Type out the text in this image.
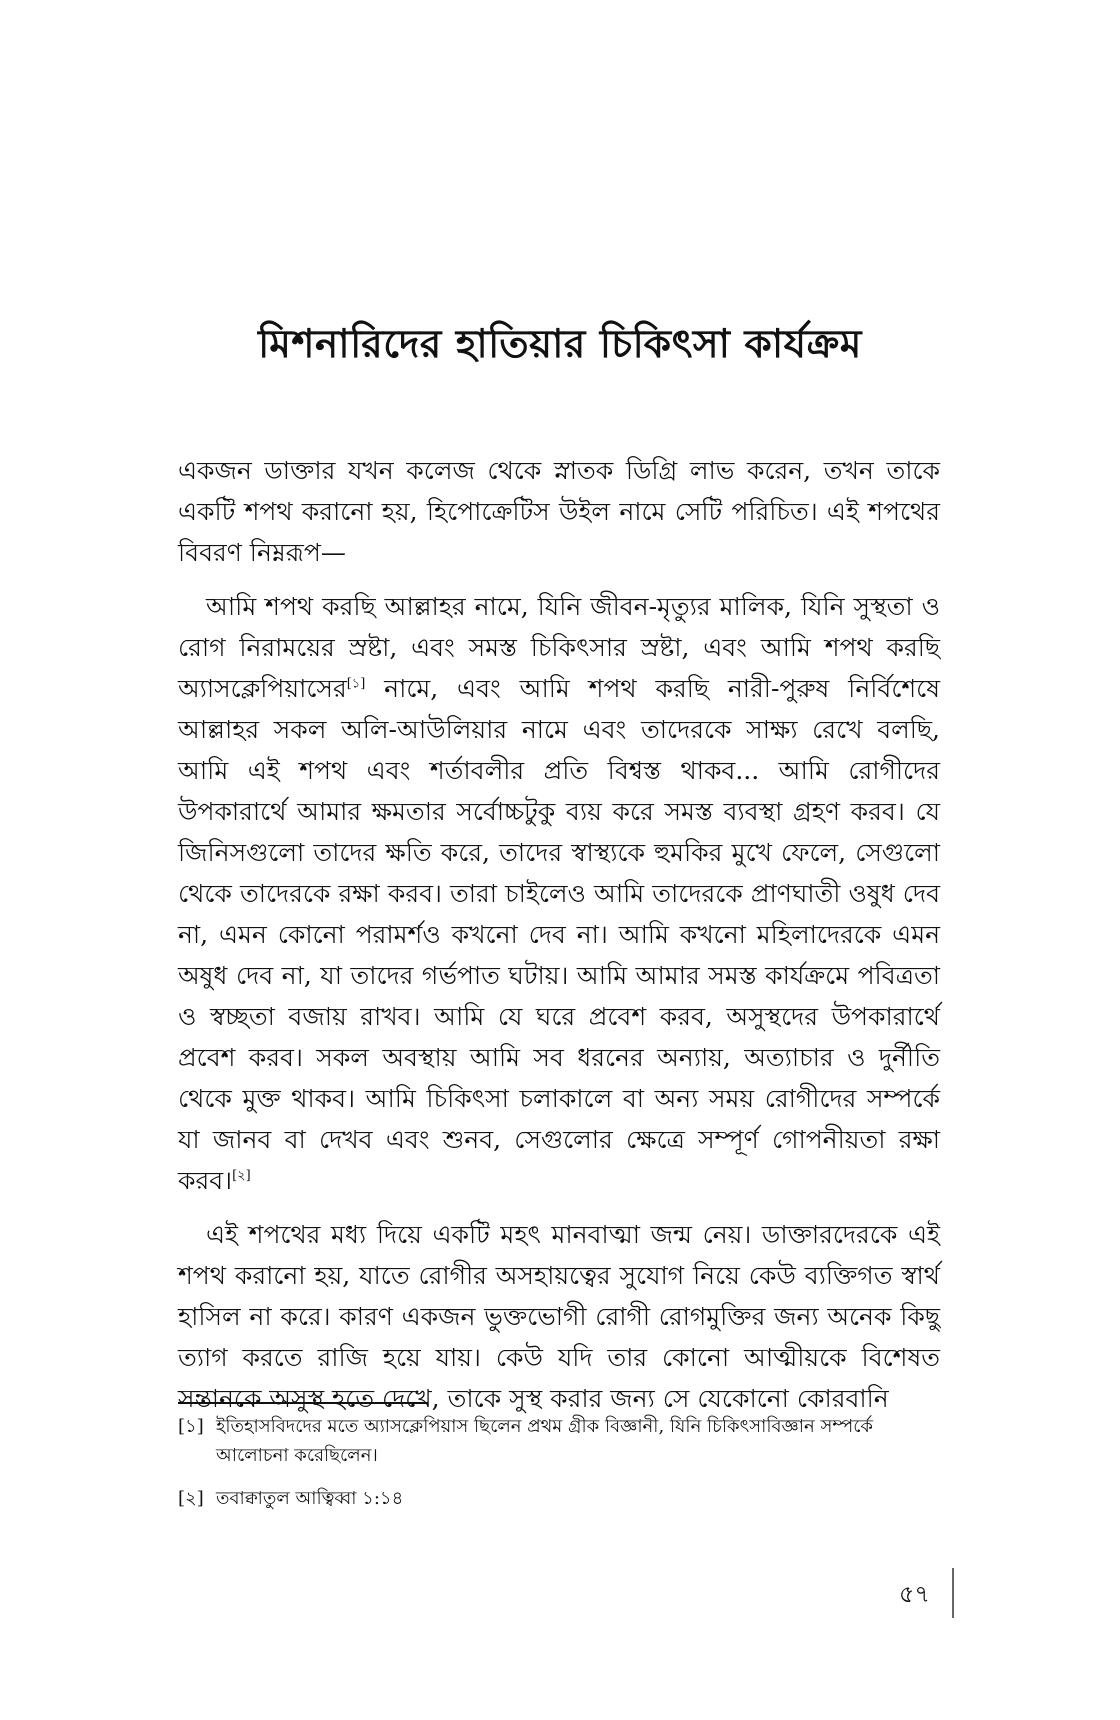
মিশনারিদের হাতিয়ার চিকিৎসা কার্যক্রম

একজন ডাক্তার যখন কলেজ থেকে স্নাতক ডিগ্রি লাভ করেন, তখন তাকে একটি শপথ করানো হয়, হিপোক্রেটিস উইল নামে সেটি পরিচিত। এই শপথের বিবরণ নিম্নরূপ—

আমি শপথ করছি আল্লাহর নামে, যিনি জীবন-মৃত্যুর মালিক, যিনি সুস্থতা ও রোগ নিরাময়ের স্রষ্টা, এবং সমস্ত চিকিৎসার স্রষ্টা, এবং আমি শপথ করছি অ্যাসক্লেপিয়াসের[১] নামে, এবং আমি শপথ করছি নারী-পুরুষ নির্বিশেষে আল্লাহর সকল অলি-আউলিয়ার নামে এবং তাদেরকে সাক্ষ্য রেখে বলছি, আমি এই শপথ এবং শর্তাবলীর প্রতি বিশ্বস্ত থাকব... আমি রোগীদের উপকারার্থে আমার ক্ষমতার সর্বোচ্চটুকু ব্যয় করে সমস্ত ব্যবস্থা গ্রহণ করব। যে জিনিসগুলো তাদের ক্ষতি করে, তাদের স্বাস্থ্যকে হুমকির মুখে ফেলে, সেগুলো থেকে তাদেরকে রক্ষা করব। তারা চাইলেও আমি তাদেরকে প্রাণঘাতী ওষুধ দেব না, এমন কোনো পরামর্শও কখনো দেব না। আমি কখনো মহিলাদেরকে এমন অষুধ দেব না, যা তাদের গর্ভপাত ঘটায়। আমি আমার সমস্ত কার্যক্রমে পবিত্রতা ও স্বচ্ছতা বজায় রাখব। আমি যে ঘরে প্রবেশ করব, অসুস্থদের উপকারার্থে প্রবেশ করব। সকল অবস্থায় আমি সব ধরনের অন্যায়, অত্যাচার ও দুর্নীতি থেকে মুক্ত থাকব। আমি চিকিৎসা চলাকালে বা অন্য সময় রোগীদের সম্পর্কে যা জানব বা দেখব এবং শুনব, সেগুলোর ক্ষেত্রে সম্পূর্ণ গোপনীয়তা রক্ষা করব।[২]

এই শপথের মধ্য দিয়ে একটি মহৎ মানবাত্মা জন্ম নেয়। ডাক্তারদেরকে এই শপথ করানো হয়, যাতে রোগীর অসহায়ত্বের সুযোগ নিয়ে কেউ ব্যক্তিগত স্বার্থ হাসিল না করে। কারণ একজন ভুক্তভোগী রোগী রোগমুক্তির জন্য অনেক কিছু ত্যাগ করতে রাজি হয়ে যায়। কেউ যদি তার কোনো আত্মীয়কে বিশেষত সন্তানকে অসুস্থ হতে দেখে, তাকে সুস্থ করার জন্য সে যেকোনো কোরবানি

[১] ইতিহাসবিদদের মতে অ্যাসক্লেপিয়াস ছিলেন প্রথম গ্রীক বিজ্ঞানী, যিনি চিকিৎসাবিজ্ঞান সম্পর্কে আলোচনা করেছিলেন।
[২] তবাক্বাতুল আত্বিব্বা ১:১৪
৫৭
